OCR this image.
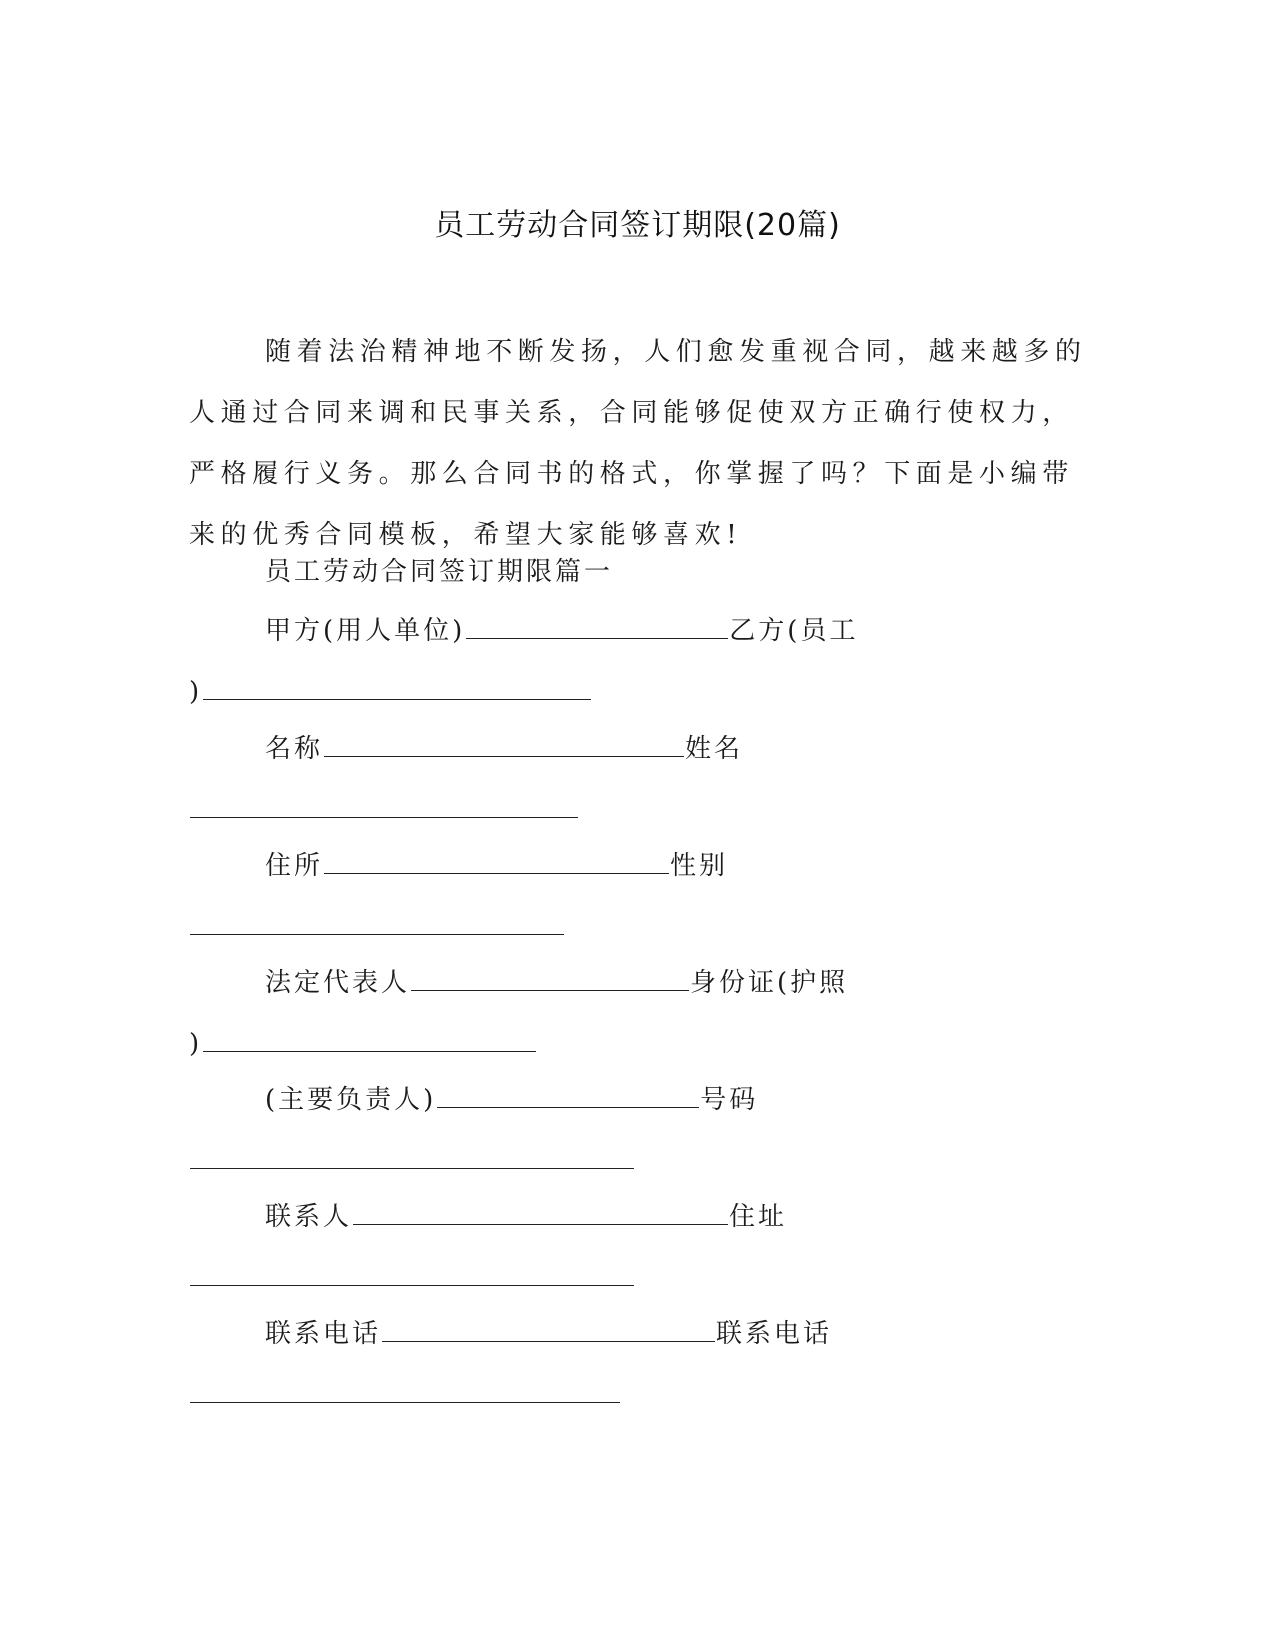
员工劳动合同签订期限(20篇)

随着法治精神地不断发扬，人们愈发重视合同，越来越多的人通过合同来调和民事关系，合同能够促使双方正确行使权力，严格履行义务。那么合同书的格式，你掌握了吗？下面是小编带来的优秀合同模板，希望大家能够喜欢!

员工劳动合同签订期限篇一
甲方(用人单位)	乙方(员工
)
名称	姓名
住所	性别
法定代表人	身份证(护照
)
(主要负责人)	号码
联系人	住址
联系电话	联系电话
